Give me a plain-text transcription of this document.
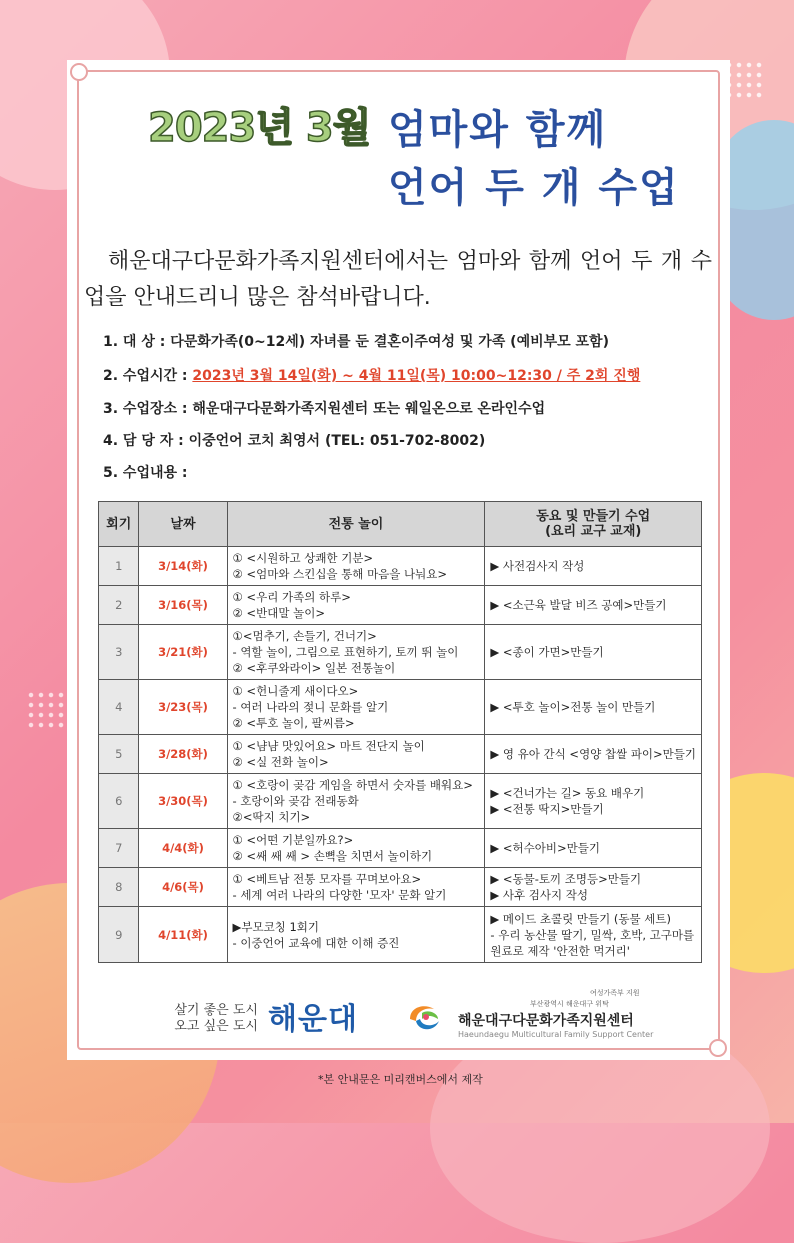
2023년 3월 엄마와 함께
언어 두 개 수업
해운대구다문화가족지원센터에서는 엄마와 함께 언어 두 개 수업을 안내드리니 많은 참석바랍니다.
1. 대 상 : 다문화가족(0~12세) 자녀를 둔 결혼이주여성 및 가족 (예비부모 포함)
2. 수업시간 : 2023년 3월 14일(화) ~ 4월 11일(목) 10:00~12:30 / 주 2회 진행
3. 수업장소 : 해운대구다문화가족지원센터 또는 웨일온으로 온라인수업
4. 담 당 자 : 이중언어 코치 최영서 (TEL: 051-702-8002)
5. 수업내용 :
회기	날짜	전통 놀이	동요 및 만들기 수업
(요리 교구 교재)

1	3/14(화)	① <시원하고 상쾌한 기분>
② <엄마와 스킨십을 통해 마음을 나눠요>	▶ 사전검사지 작성

2	3/16(목)	① <우리 가족의 하루>
② <반대말 놀이>	▶ <소근육 발달 비즈 공예>만들기

3	3/21(화)	①<멈추기, 손들기, 건너기>
- 역할 놀이, 그림으로 표현하기, 토끼 뛰 놀이
② <후쿠와라이> 일본 전통놀이	▶ <종이 가면>만들기

4	3/23(목)	① <헌니줄게 새이다오>
- 여러 나라의 젖니 문화를 알기
② <투호 놀이, 팔씨름>	▶ <투호 놀이>전통 놀이 만들기

5	3/28(화)	① <냠냠 맛있어요> 마트 전단지 놀이
② <실 전화 놀이>	▶ 영 유아 간식 <영양 찹쌀 파이>만들기

6	3/30(목)	① <호랑이 곶감 게임을 하면서 숫자를 배워요>
- 호랑이와 곶감 전래동화
②<딱지 치기>	▶ <건너가는 길> 동요 배우기
▶ <전통 딱지>만들기

7	4/4(화)	① <어떤 기분일까요?>
② <쌔 쌔 쌔 > 손뼉을 치면서 놀이하기	▶ <허수아비>만들기

8	4/6(목)	① <베트남 전통 모자를 꾸며보아요>
- 세계 여러 나라의 다양한 '모자' 문화 알기	▶ <동물-토끼 조명등>만들기
▶ 사후 검사지 작성

9	4/11(화)	▶부모코칭 1회기
- 이중언어 교육에 대한 이해 증진	▶ 메이드 초콜릿 만들기 (동물 세트)
- 우리 농산물 딸기, 밀싹, 호박, 고구마를
원료로 제작 '안전한 먹거리'
살기 좋은 도시
오고 싶은 도시 해운대
여성가족부 지원
부산광역시 해운대구 위탁
해운대구다문화가족지원센터
Haeundaegu Multicultural Family Support Center
*본 안내문은 미리캔버스에서 제작
